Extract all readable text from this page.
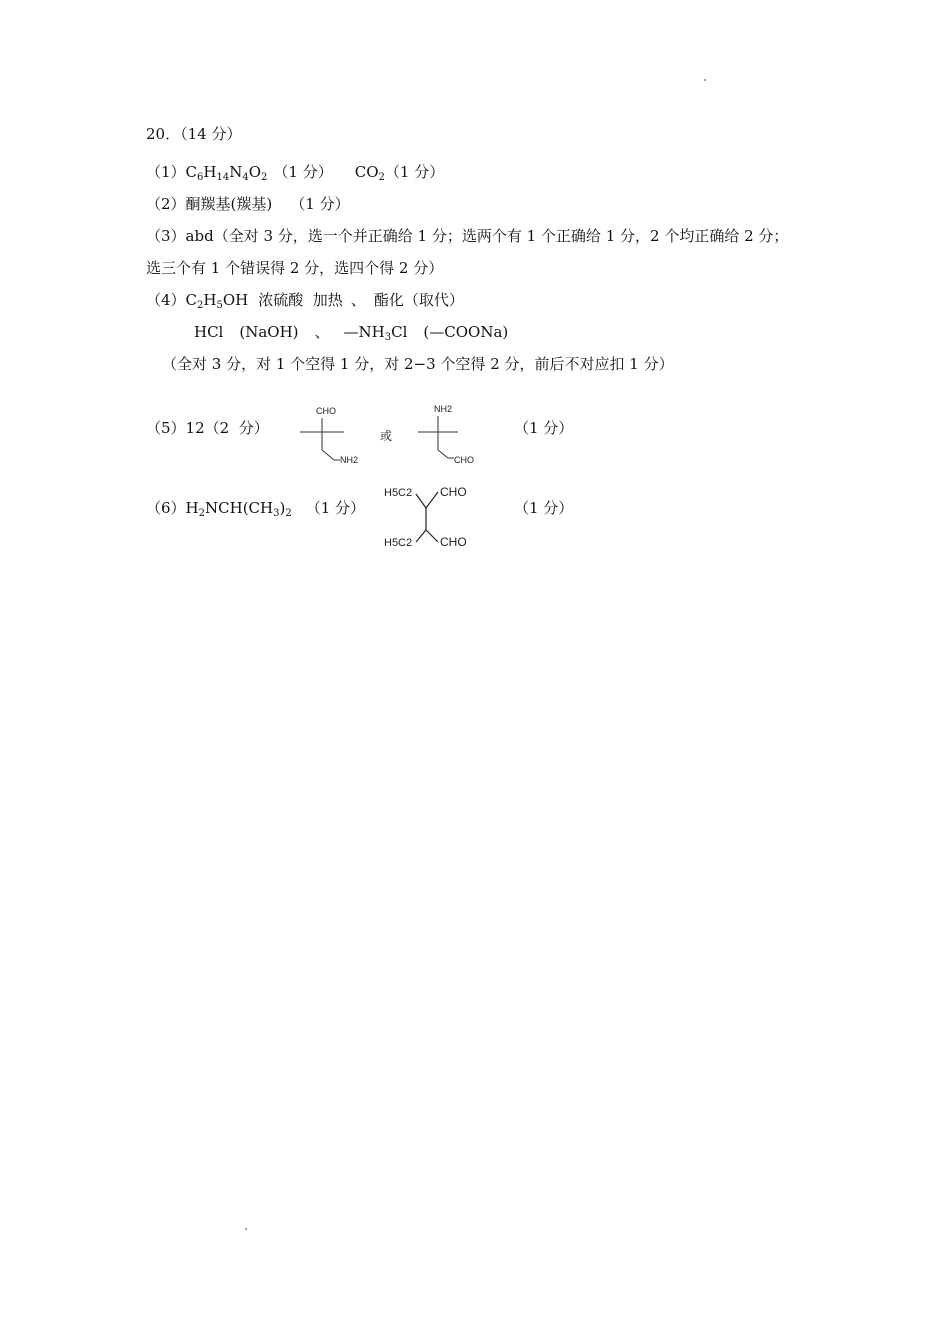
20．（14 分）
$(1)C_6H_{14}N_4O_2$ （1 分） $CO_2(1$ 分）
（2）酮羰基(羰基) （1 分）
（3）abd（全对 3 分，选一个并正确给 1 分；选两个有 1 个正确给 1 分，2 个均正确给 2 分；
选三个有 1 个错误得 2 分，选四个得 2 分）
$(4)C_2H_5OH$ 浓硫酸  加热 、 酯化（取代）
HCl (NaOH) 、 $—NH_3Cl$ (—COONa)
（全对 3 分，对 1 个空得 1 分，对 2−3 个空得 2 分，前后不对应扣 1 分）
（5）12（2  分）
CHO
NH2
或
NH2
CHO
（1 分）
$(6)H_2NCH(CH_3)_2$ （1 分）
H5C2 CHO
H5C2 CHO
（1 分）
